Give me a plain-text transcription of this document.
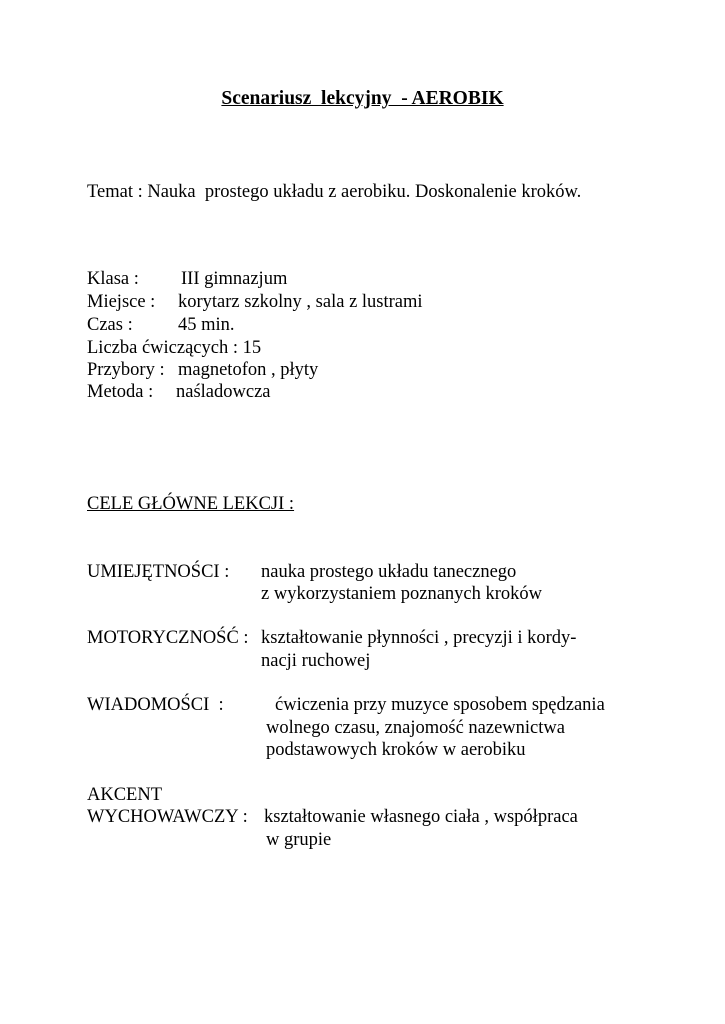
Scenariusz  lekcyjny  - AEROBIK
Temat : Nauka  prostego układu z aerobiku. Doskonalenie kroków.
Klasa : III gimnazjum
Miejsce : korytarz szkolny , sala z lustrami
Czas : 45 min.
Liczba ćwiczących : 15
Przybory : magnetofon , płyty
Metoda : naśladowcza
CELE GŁÓWNE LEKCJI :
UMIEJĘTNOŚCI : nauka prostego układu tanecznego
z wykorzystaniem poznanych kroków
MOTORYCZNOŚĆ : kształtowanie płynności , precyzji i kordy-
nacji ruchowej
WIADOMOŚCI  :	ćwiczenia przy muzyce sposobem spędzania
wolnego czasu, znajomość nazewnictwa
podstawowych kroków w aerobiku
AKCENT
WYCHOWAWCZY : kształtowanie własnego ciała , współpraca
w grupie
